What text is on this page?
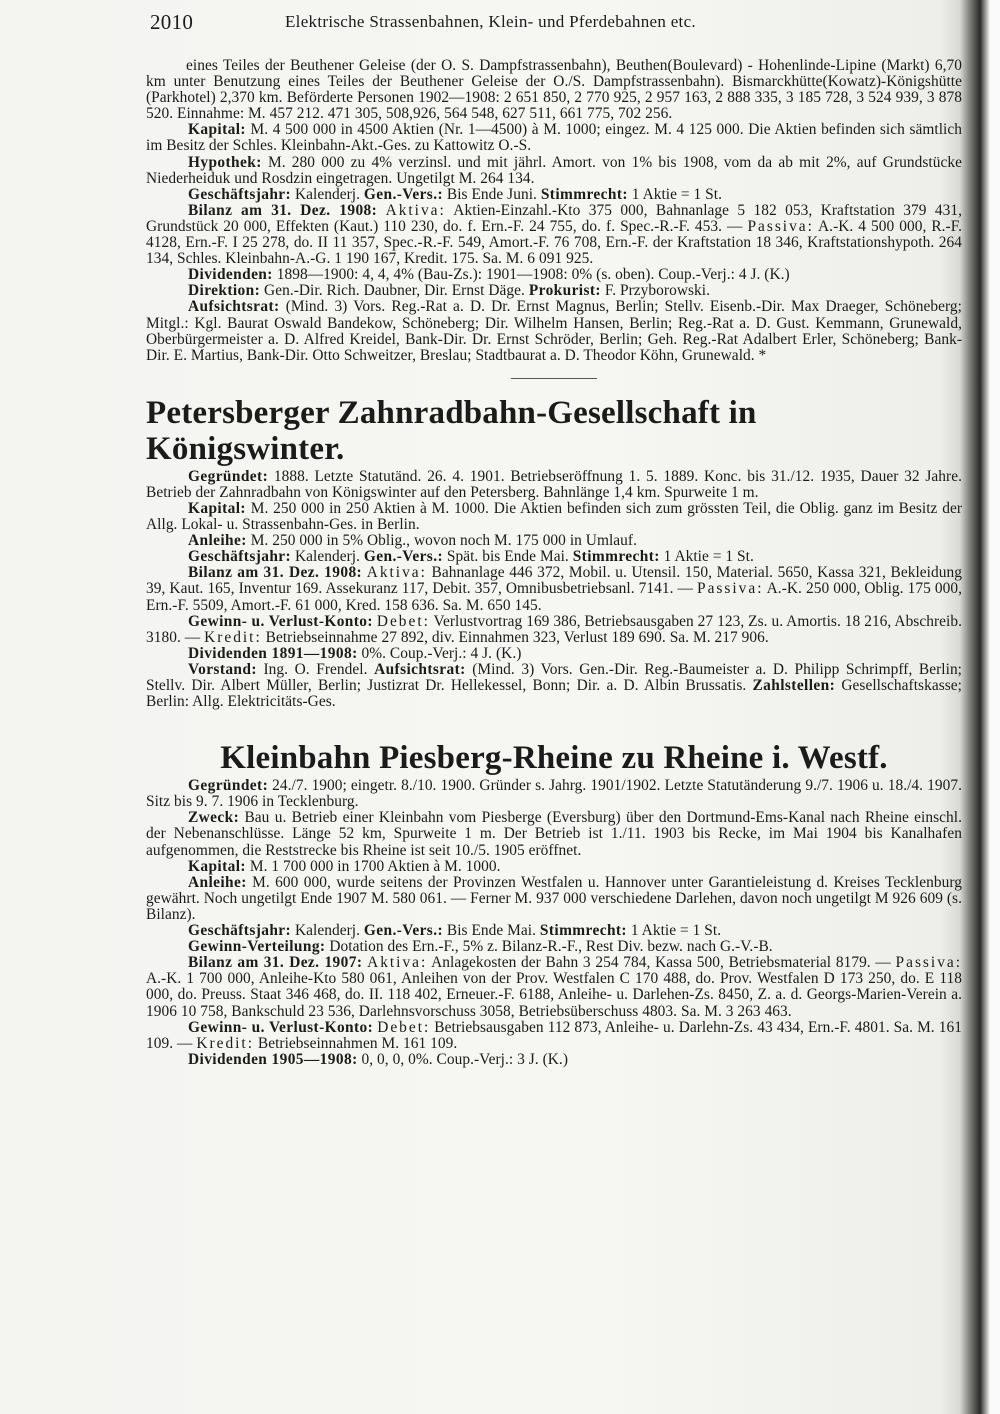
2010	Elektrische Strassenbahnen, Klein- und Pferdebahnen etc.

eines Teiles der Beuthener Geleise (der O. S. Dampfstrassenbahn), Beuthen(Boulevard) - Hohenlinde-Lipine (Markt) 6,70 km unter Benutzung eines Teiles der Beuthener Geleise der O./S. Dampfstrassenbahn). Bismarckhütte(Kowatz)-Königshütte (Parkhotel) 2,370 km. Beförderte Personen 1902—1908: 2 651 850, 2 770 925, 2 957 163, 2 888 335, 3 185 728, 3 524 939, 3 878 520. Einnahme: M. 457 212. 471 305, 508,926, 564 548, 627 511, 661 775, 702 256.

Kapital: M. 4 500 000 in 4500 Aktien (Nr. 1—4500) à M. 1000; eingez. M. 4 125 000. Die Aktien befinden sich sämtlich im Besitz der Schles. Kleinbahn-Akt.-Ges. zu Kattowitz O.-S.

Hypothek: M. 280 000 zu 4% verzinsl. und mit jährl. Amort. von 1% bis 1908, vom da ab mit 2%, auf Grundstücke Niederheiduk und Rosdzin eingetragen. Ungetilgt M. 264 134.

Geschäftsjahr: Kalenderj. Gen.-Vers.: Bis Ende Juni. Stimmrecht: 1 Aktie = 1 St.

Bilanz am 31. Dez. 1908: Aktiva: Aktien-Einzahl.-Kto 375 000, Bahnanlage 5 182 053, Kraftstation 379 431, Grundstück 20 000, Effekten (Kaut.) 110 230, do. f. Ern.-F. 24 755, do. f. Spec.-R.-F. 453. — Passiva: A.-K. 4 500 000, R.-F. 4128, Ern.-F. I 25 278, do. II 11 357, Spec.-R.-F. 549, Amort.-F. 76 708, Ern.-F. der Kraftstation 18 346, Kraftstationshypoth. 264 134, Schles. Kleinbahn-A.-G. 1 190 167, Kredit. 175. Sa. M. 6 091 925.

Dividenden: 1898—1900: 4, 4, 4% (Bau-Zs.): 1901—1908: 0% (s. oben). Coup.-Verj.: 4 J. (K.)

Direktion: Gen.-Dir. Rich. Daubner, Dir. Ernst Däge. Prokurist: F. Przyborowski.

Aufsichtsrat: (Mind. 3) Vors. Reg.-Rat a. D. Dr. Ernst Magnus, Berlin; Stellv. Eisenb.-Dir. Max Draeger, Schöneberg; Mitgl.: Kgl. Baurat Oswald Bandekow, Schöneberg; Dir. Wilhelm Hansen, Berlin; Reg.-Rat a. D. Gust. Kemmann, Grunewald, Oberbürgermeister a. D. Alfred Kreidel, Bank-Dir. Dr. Ernst Schröder, Berlin; Geh. Reg.-Rat Adalbert Erler, Schöneberg; Bank-Dir. E. Martius, Bank-Dir. Otto Schweitzer, Breslau; Stadtbaurat a. D. Theodor Köhn, Grunewald. *

Petersberger Zahnradbahn-Gesellschaft in Königswinter.

Gegründet: 1888. Letzte Statutänd. 26. 4. 1901. Betriebseröffnung 1. 5. 1889. Konc. bis 31./12. 1935, Dauer 32 Jahre. Betrieb der Zahnradbahn von Königswinter auf den Petersberg. Bahnlänge 1,4 km. Spurweite 1 m.

Kapital: M. 250 000 in 250 Aktien à M. 1000. Die Aktien befinden sich zum grössten Teil, die Oblig. ganz im Besitz der Allg. Lokal- u. Strassenbahn-Ges. in Berlin.

Anleihe: M. 250 000 in 5% Oblig., wovon noch M. 175 000 in Umlauf.

Geschäftsjahr: Kalenderj. Gen.-Vers.: Spät. bis Ende Mai. Stimmrecht: 1 Aktie = 1 St.

Bilanz am 31. Dez. 1908: Aktiva: Bahnanlage 446 372, Mobil. u. Utensil. 150, Material. 5650, Kassa 321, Bekleidung 39, Kaut. 165, Inventur 169. Assekuranz 117, Debit. 357, Omnibusbetriebsanl. 7141. — Passiva: A.-K. 250 000, Oblig. 175 000, Ern.-F. 5509, Amort.-F. 61 000, Kred. 158 636. Sa. M. 650 145.

Gewinn- u. Verlust-Konto: Debet: Verlustvortrag 169 386, Betriebsausgaben 27 123, Zs. u. Amortis. 18 216, Abschreib. 3180. — Kredit: Betriebseinnahme 27 892, div. Einnahmen 323, Verlust 189 690. Sa. M. 217 906.

Dividenden 1891—1908: 0%. Coup.-Verj.: 4 J. (K.)

Vorstand: Ing. O. Frendel. Aufsichtsrat: (Mind. 3) Vors. Gen.-Dir. Reg.-Baumeister a. D. Philipp Schrimpff, Berlin; Stellv. Dir. Albert Müller, Berlin; Justizrat Dr. Hellekessel, Bonn; Dir. a. D. Albin Brussatis. Zahlstellen: Gesellschaftskasse; Berlin: Allg. Elektricitäts-Ges.

Kleinbahn Piesberg-Rheine zu Rheine i. Westf.

Gegründet: 24./7. 1900; eingetr. 8./10. 1900. Gründer s. Jahrg. 1901/1902. Letzte Statutänderung 9./7. 1906 u. 18./4. 1907. Sitz bis 9. 7. 1906 in Tecklenburg.

Zweck: Bau u. Betrieb einer Kleinbahn vom Piesberge (Eversburg) über den Dortmund-Ems-Kanal nach Rheine einschl. der Nebenanschlüsse. Länge 52 km, Spurweite 1 m. Der Betrieb ist 1./11. 1903 bis Recke, im Mai 1904 bis Kanalhafen aufgenommen, die Reststrecke bis Rheine ist seit 10./5. 1905 eröffnet.

Kapital: M. 1 700 000 in 1700 Aktien à M. 1000.

Anleihe: M. 600 000, wurde seitens der Provinzen Westfalen u. Hannover unter Garantieleistung d. Kreises Tecklenburg gewährt. Noch ungetilgt Ende 1907 M. 580 061. — Ferner M. 937 000 verschiedene Darlehen, davon noch ungetilgt M 926 609 (s. Bilanz).

Geschäftsjahr: Kalenderj. Gen.-Vers.: Bis Ende Mai. Stimmrecht: 1 Aktie = 1 St.

Gewinn-Verteilung: Dotation des Ern.-F., 5% z. Bilanz-R.-F., Rest Div. bezw. nach G.-V.-B.

Bilanz am 31. Dez. 1907: Aktiva: Anlagekosten der Bahn 3 254 784, Kassa 500, Betriebsmaterial 8179. — Passiva: A.-K. 1 700 000, Anleihe-Kto 580 061, Anleihen von der Prov. Westfalen C 170 488, do. Prov. Westfalen D 173 250, do. E 118 000, do. Preuss. Staat 346 468, do. II. 118 402, Erneuer.-F. 6188, Anleihe- u. Darlehen-Zs. 8450, Z. a. d. Georgs-Marien-Verein a. 1906 10 758, Bankschuld 23 536, Darlehnsvorschuss 3058, Betriebsüberschuss 4803. Sa. M. 3 263 463.

Gewinn- u. Verlust-Konto: Debet: Betriebsausgaben 112 873, Anleihe- u. Darlehn-Zs. 43 434, Ern.-F. 4801. Sa. M. 161 109. — Kredit: Betriebseinnahmen M. 161 109.

Dividenden 1905—1908: 0, 0, 0, 0%. Coup.-Verj.: 3 J. (K.)
